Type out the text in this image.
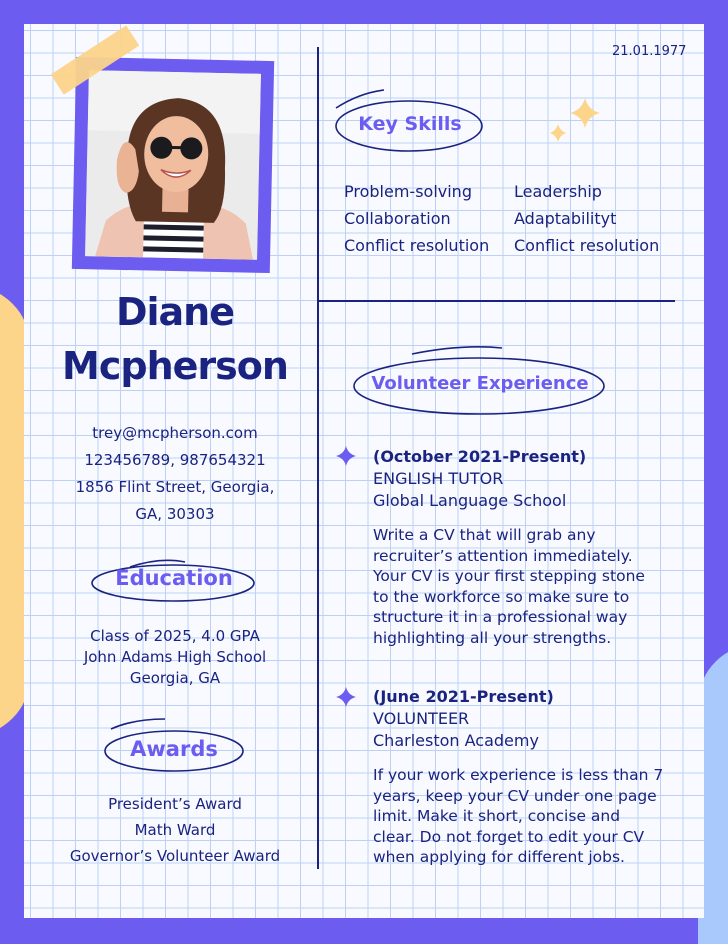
21.01.1977
Diane
Mcpherson
trey@mcpherson.com
123456789, 987654321
1856 Flint Street, Georgia,
GA, 30303
Education
Class of 2025, 4.0 GPA
John Adams High School
Georgia, GA
Awards
President’s Award
Math Ward
Governor’s Volunteer Award
Key Skills
Problem-solving
Collaboration
Conflict resolution
Leadership
Adaptabilityt
Conflict resolution
Volunteer Experience
(October 2021-Present)
ENGLISH TUTOR
Global Language School
Write a CV that will grab any
recruiter’s attention immediately.
Your CV is your first stepping stone
to the workforce so make sure to
structure it in a professional way
highlighting all your strengths.
(June 2021-Present)
VOLUNTEER
Charleston Academy
If your work experience is less than 7
years, keep your CV under one page
limit. Make it short, concise and
clear. Do not forget to edit your CV
when applying for different jobs.
